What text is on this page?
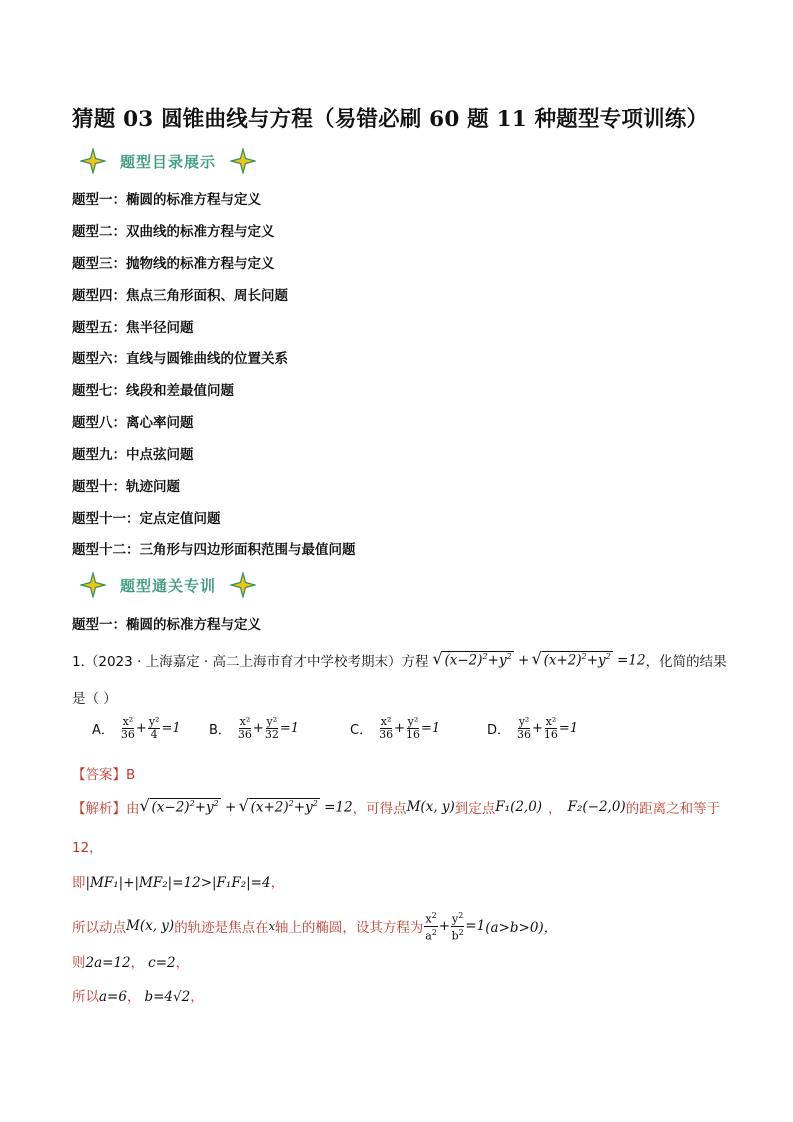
猜题 03 圆锥曲线与方程（易错必刷 60 题 11 种题型专项训练）
题型目录展示
题型一：椭圆的标准方程与定义
题型二：双曲线的标准方程与定义
题型三：抛物线的标准方程与定义
题型四：焦点三角形面积、周长问题
题型五：焦半径问题
题型六：直线与圆锥曲线的位置关系
题型七：线段和差最值问题
题型八：离心率问题
题型九：中点弦问题
题型十：轨迹问题
题型十一：定点定值问题
题型十二：三角形与四边形面积范围与最值问题
题型通关专训
题型一：椭圆的标准方程与定义
1.（2023 · 上海嘉定 · 高二上海市育才中学校考期末）方程	√ $(x-2)^2+y^2$ + √ $(x+2)^2+y^2 =12$ ，化简的结果
是（ ）
A． $\frac{\text{x²}}{36} + \frac{\text{y²}}{4} =1$ B． $\frac{\text{x²}}{36} + \frac{\text{y²}}{32} =1$	C． $\frac{\text{x²}}{36} + \frac{\text{y²}}{16} =1$	D． $\frac{\text{y²}}{36} + \frac{\text{x²}}{16} =1$
【答案】B
【解析】 由 √ $(x-2)^2+y^2$ + √ $(x+2)^2+y^2 =12$ ，可得点 M(x, y) 到定点 F₁(2,0) ， F₂(−2,0) 的距离之和等于
12，
即|MF₁|+|MF₂|=12>|F₁F₂|=4，
所以动点 M(x, y) 的轨迹是焦点在 x 轴上的椭圆，设其方程为 $\frac{x^2}{a^2} + \frac{y^2}{b^2} =1$ (a>b>0)，
则2a=12， c=2，
所以a=6， b=4√2，
